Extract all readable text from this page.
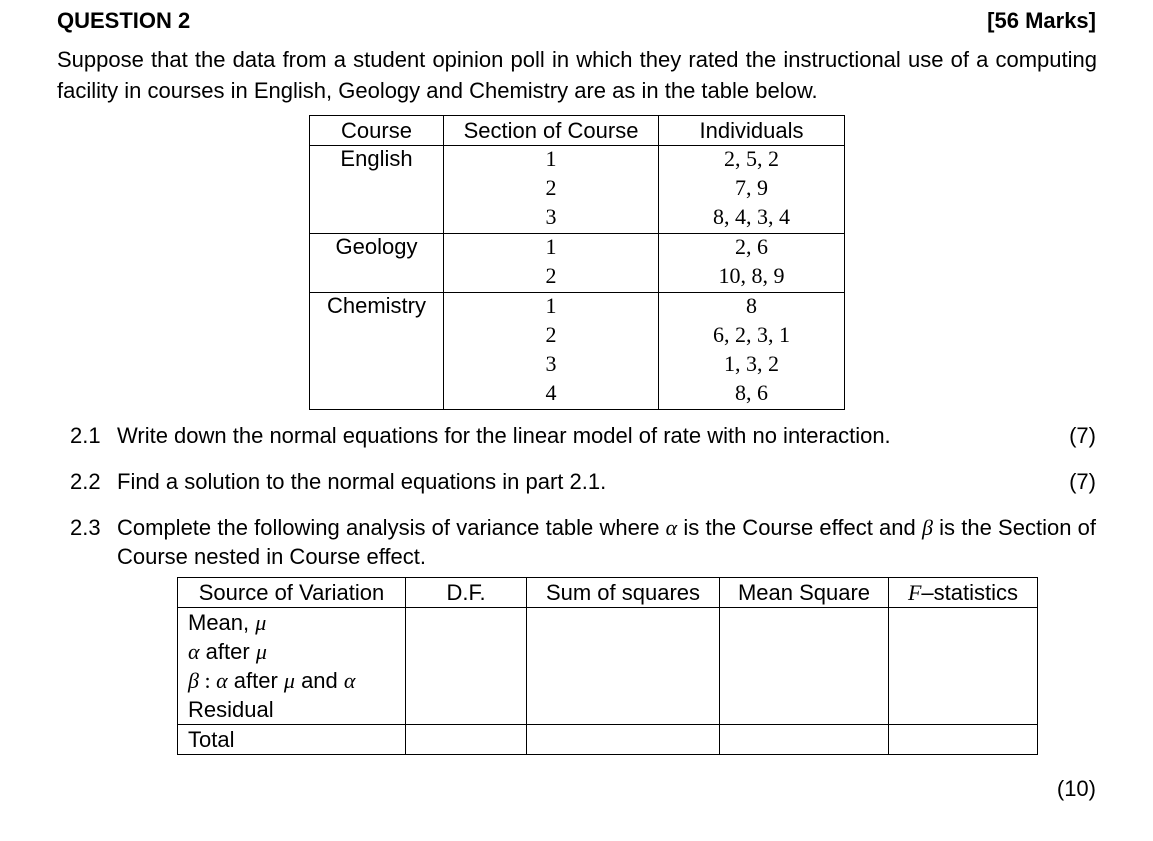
QUESTION 2	[56 Marks]
Suppose that the data from a student opinion poll in which they rated the instructional use of a computing facility in courses in English, Geology and Chemistry are as in the table below.
Course	Section of Course	Individuals
English	1	2, 5, 2
	2	7, 9
	3	8, 4, 3, 4
Geology	1	2, 6
	2	10, 8, 9
Chemistry	1	8
	2	6, 2, 3, 1
	3	1, 3, 2
	4	8, 6
2.1 Write down the normal equations for the linear model of rate with no interaction.	(7)
2.2 Find a solution to the normal equations in part 2.1.	(7)
2.3 Complete the following analysis of variance table where α is the Course effect and β is the Section of Course nested in Course effect.
Source of Variation	D.F.	Sum of squares	Mean Square	F–statistics

Mean, μ
α after μ
β : α after μ and α
Residual				

Total				
(10)
